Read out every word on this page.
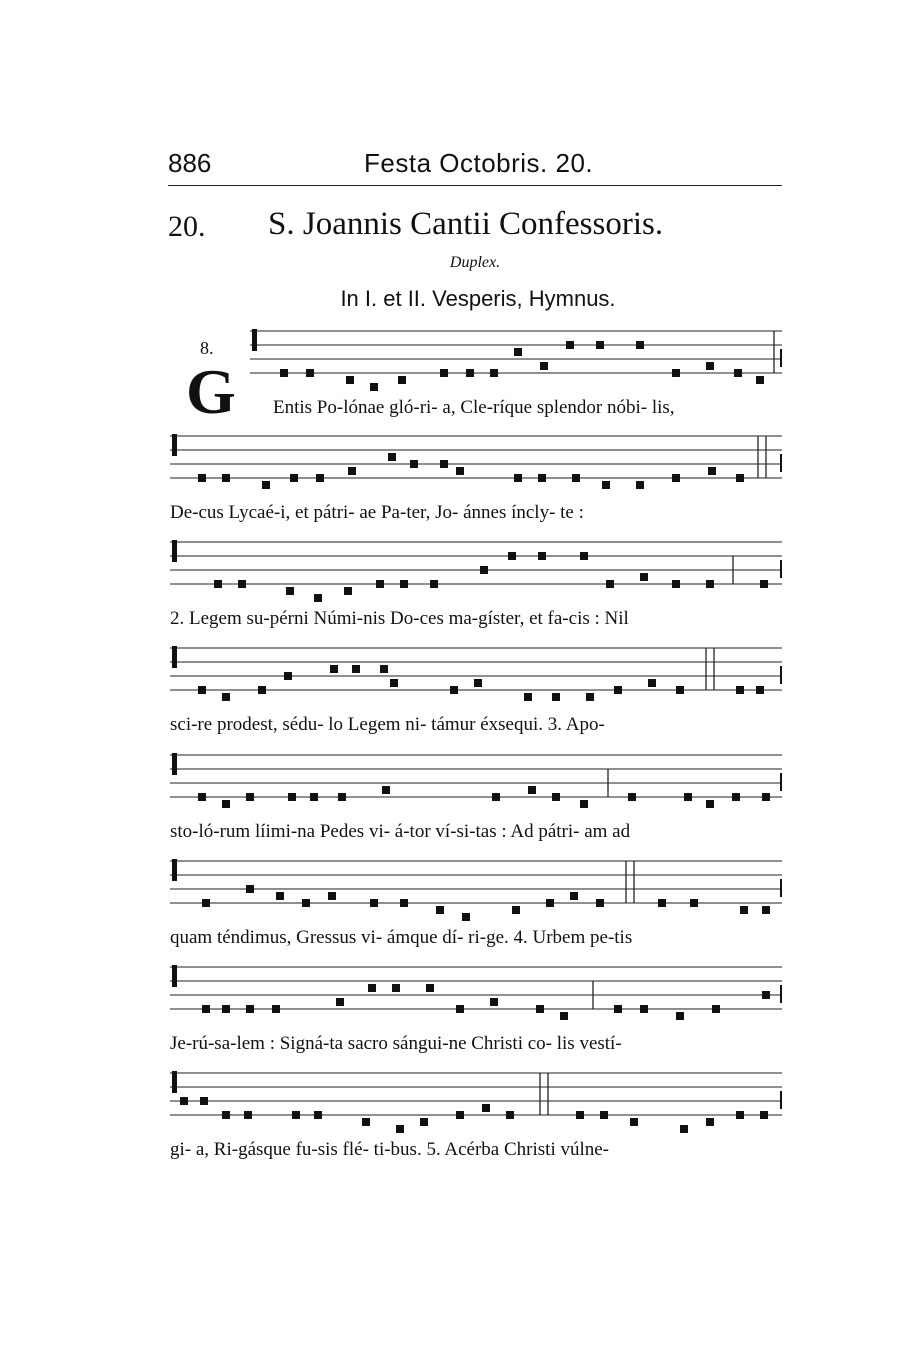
886	Festa Octobris. 20.
20. S. Joannis Cantii Confessoris.
Duplex.
In I. et II. Vesperis, Hymnus.
8.
G Entis Po-lónae gló-ri- a, Cle-ríque splendor nóbi- lis,
De-cus Lycaé-i, et pátri- ae Pa-ter, Jo- ánnes íncly- te :
2. Legem su-pérni Númi-nis Do-ces ma-gíster, et fa-cis : Nil
sci-re prodest, sédu- lo Legem ni- támur éxsequi. 3. Apo-
sto-ló-rum líimi-na Pedes vi- á-tor ví-si-tas : Ad pátri- am ad
quam téndimus, Gressus vi- ámque dí- ri-ge. 4. Urbem pe-tis
Je-rú-sa-lem : Signá-ta sacro sángui-ne Christi co- lis vestí-
gi- a, Ri-gásque fu-sis flé- ti-bus. 5. Acérba Christi vúlne-
